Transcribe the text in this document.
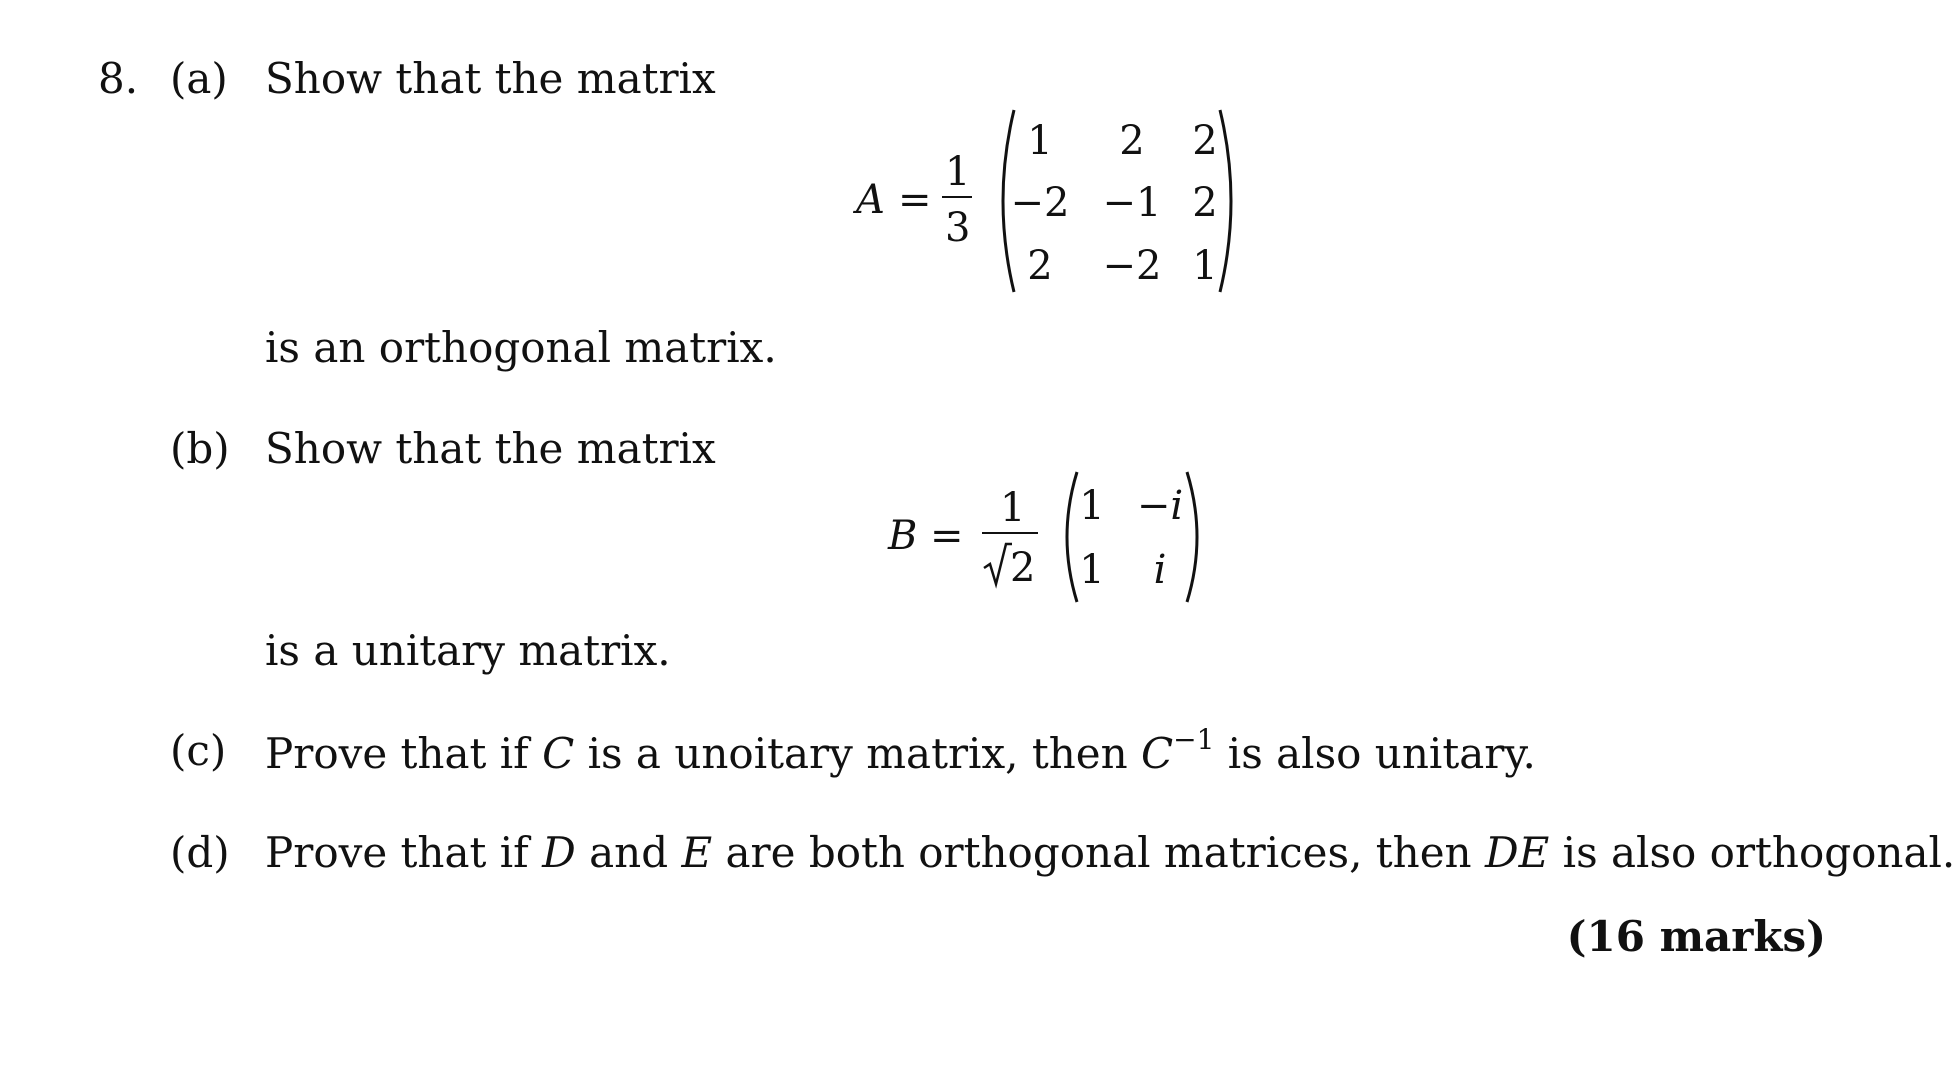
8. (a) Show that the matrix
A =
1
3
1	2	2
−2 −1 2
2	−2 1
is an orthogonal matrix.
(b) Show that the matrix
B =
1
2
1 −i
1	i
is a unitary matrix.
(c) Prove that if C is a unoitary matrix, then $C^{-1}$ is also unitary.
(d) Prove that if D and E are both orthogonal matrices, then DE is also orthogonal.
(16 marks)
